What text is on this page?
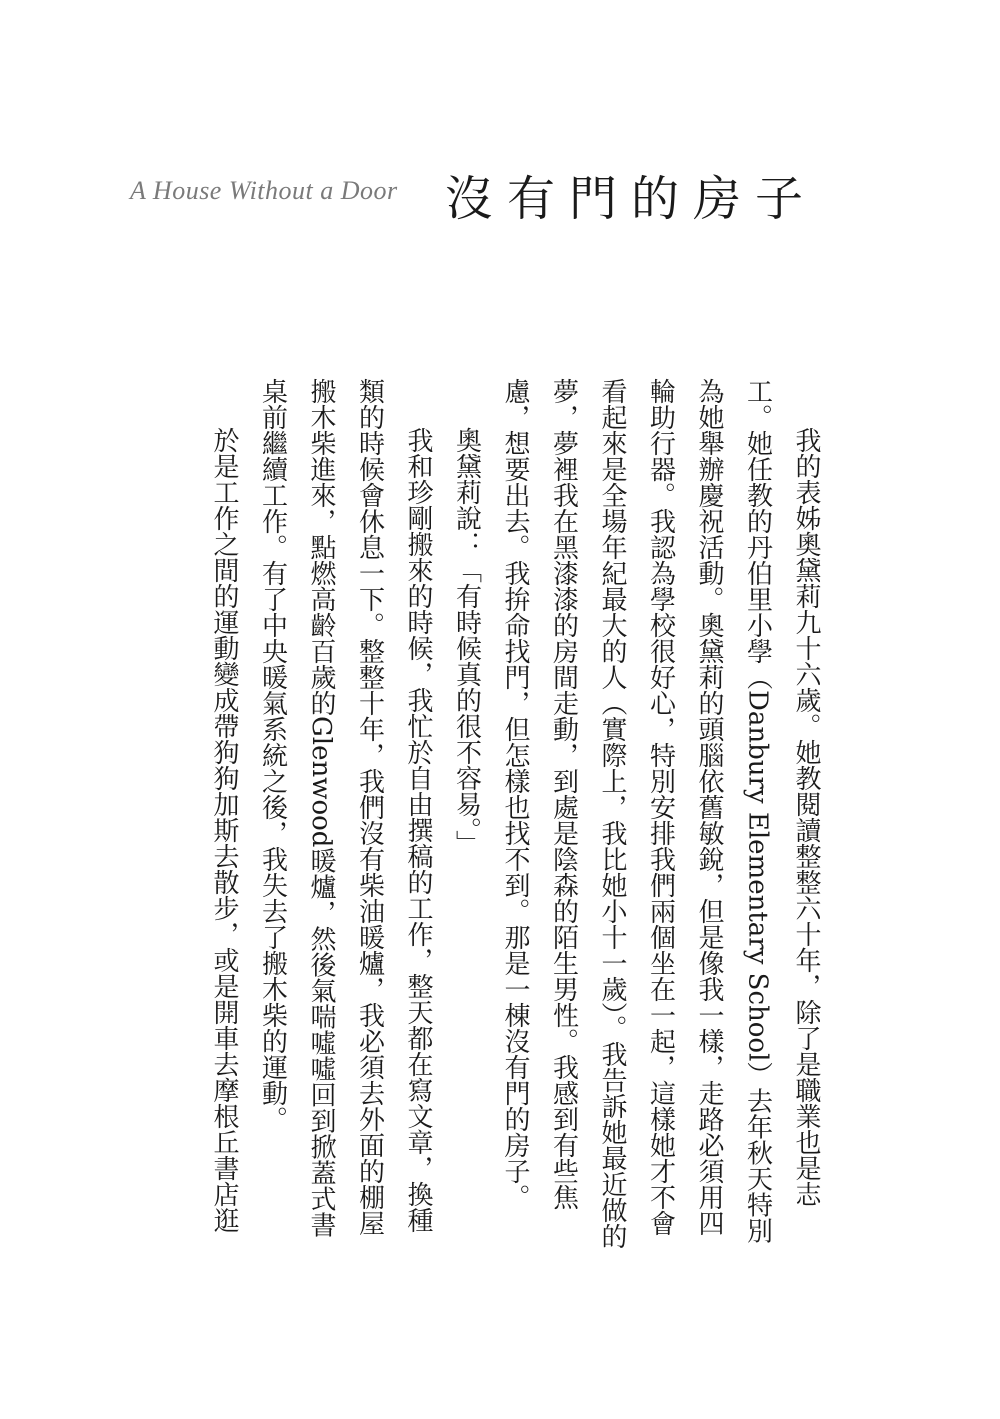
A House Without a Door 沒有門的房子

我的表姊奧黛莉九十六歲。她教閱讀整整六十年，除了是職業也是志工。她任教的丹伯里小學（Danbury Elementary School）去年秋天特別為她舉辦慶祝活動。奧黛莉的頭腦依舊敏銳，但是像我一樣，走路必須用四輪助行器。我認為學校很好心，特別安排我們兩個坐在一起，這樣她才不會看起來是全場年紀最大的人（實際上，我比她小十一歲）。我告訴她最近做的夢，夢裡我在黑漆漆的房間走動，到處是陰森的陌生男性。我感到有些焦慮，想要出去。我拚命找門，但怎樣也找不到。那是一棟沒有門的房子。

奧黛莉說：「有時候真的很不容易。」

我和珍剛搬來的時候，我忙於自由撰稿的工作，整天都在寫文章，換種類的時候會休息一下。整整十年，我們沒有柴油暖爐，我必須去外面的棚屋搬木柴進來，點燃高齡百歲的Glenwood暖爐，然後氣喘噓噓回到掀蓋式書桌前繼續工作。有了中央暖氣系統之後，我失去了搬木柴的運動。

於是工作之間的運動變成帶狗狗加斯去散步，或是開車去摩根丘書店逛
